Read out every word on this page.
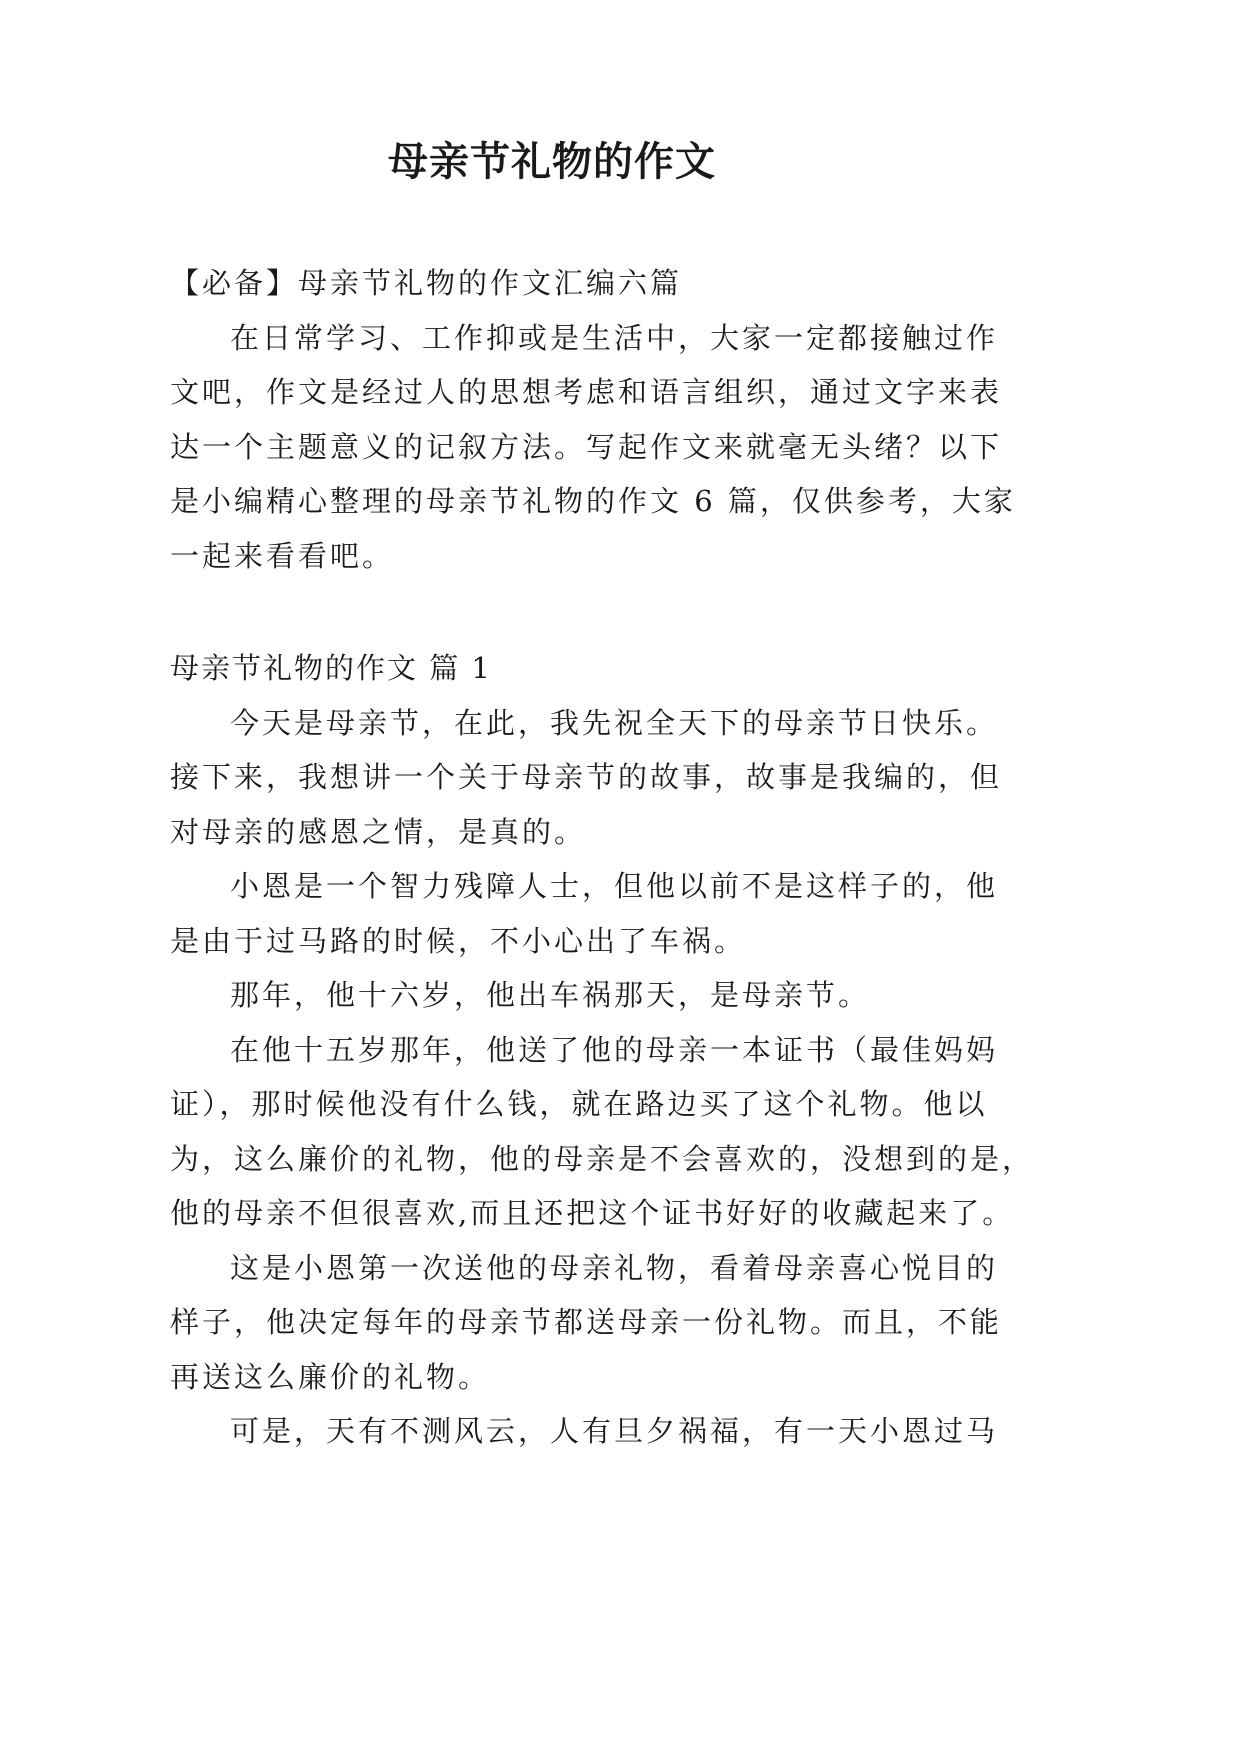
母亲节礼物的作文
【必备】母亲节礼物的作文汇编六篇
在日常学习、工作抑或是生活中，大家一定都接触过作
文吧，作文是经过人的思想考虑和语言组织，通过文字来表
达一个主题意义的记叙方法。写起作文来就毫无头绪？以下
是小编精心整理的母亲节礼物的作文 6 篇，仅供参考，大家
一起来看看吧。
母亲节礼物的作文 篇 1
今天是母亲节，在此，我先祝全天下的母亲节日快乐。
接下来，我想讲一个关于母亲节的故事，故事是我编的，但
对母亲的感恩之情，是真的。
小恩是一个智力残障人士，但他以前不是这样子的，他
是由于过马路的时候，不小心出了车祸。
那年，他十六岁，他出车祸那天，是母亲节。
在他十五岁那年，他送了他的母亲一本证书（最佳妈妈
证），那时候他没有什么钱，就在路边买了这个礼物。他以
为，这么廉价的礼物，他的母亲是不会喜欢的，没想到的是，
他的母亲不但很喜欢,而且还把这个证书好好的收藏起来了。
这是小恩第一次送他的母亲礼物，看着母亲喜心悦目的
样子，他决定每年的母亲节都送母亲一份礼物。而且，不能
再送这么廉价的礼物。
可是，天有不测风云，人有旦夕祸福，有一天小恩过马
